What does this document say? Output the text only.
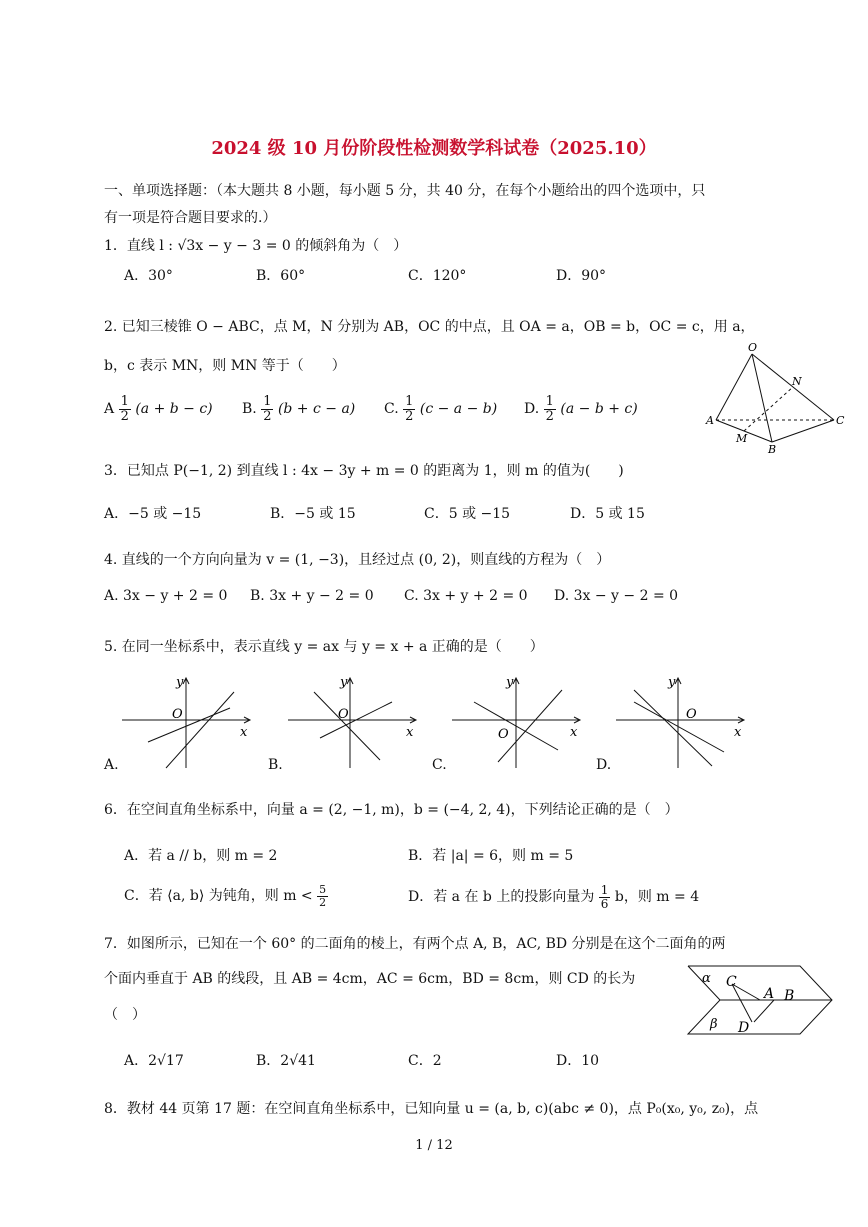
2024 级 10 月份阶段性检测数学科试卷（2025.10）
一、单项选择题：（本大题共 8 小题，每小题 5 分，共 40 分，在每个小题给出的四个选项中，只
有一项是符合题目要求的.）
1．直线 l : √3x − y − 3 = 0 的倾斜角为（　）
A．30°	B．60°	C．120°	D．90°
2. 已知三棱锥 O − ABC，点 M，N 分别为 AB，OC 的中点，且 OA = a，OB = b，OC = c，用 a，
b，c 表示 MN，则 MN 等于（　　）
A $\frac{1}{2} (a + b - c)$ B. $\frac{1}{2} (b + c - a)$ C. $\frac{1}{2} (c - a - b)$ D. $\frac{1}{2} (a - b + c)$
O
N
A
M
B
C
3．已知点 P(−1, 2) 到直线 l : 4x − 3y + m = 0 的距离为 1，则 m 的值为(　　)
A．−5 或 −15	B．−5 或 15	C．5 或 −15	D．5 或 15
4. 直线的一个方向向量为 v = (1, −3)，且经过点 (0, 2)，则直线的方程为（　）
A. 3x − y + 2 = 0 B. 3x + y − 2 = 0 C. 3x + y + 2 = 0 D. 3x − y − 2 = 0
5. 在同一坐标系中，表示直线 y = ax 与 y = x + a 正确的是（　　）
y
x
O
A.
y
x
O
B.
y
x
O
C.
y
x
O
D.
6．在空间直角坐标系中，向量 a = (2, −1, m)，b = (−4, 2, 4)，下列结论正确的是（　）
A．若 a // b，则 m = 2	B．若 |a| = 6，则 m = 5
C．若 ⟨a, b⟩ 为钝角，则 $m < \frac{5}{2}$	D．若 a 在 b 上的投影向量为 $\frac{1}{6}$ b，则 m = 4
7．如图所示，已知在一个 60° 的二面角的棱上，有两个点 A, B，AC, BD 分别是在这个二面角的两
个面内垂直于 AB 的线段，且 AB = 4cm，AC = 6cm，BD = 8cm，则 CD 的长为
（　）
α C
A B
β D
A．2√17	B．2√41	C．2	D．10
8．教材 44 页第 17 题：在空间直角坐标系中，已知向量 u = (a, b, c)(abc ≠ 0)，点 P₀(x₀, y₀, z₀)，点
1 / 12
